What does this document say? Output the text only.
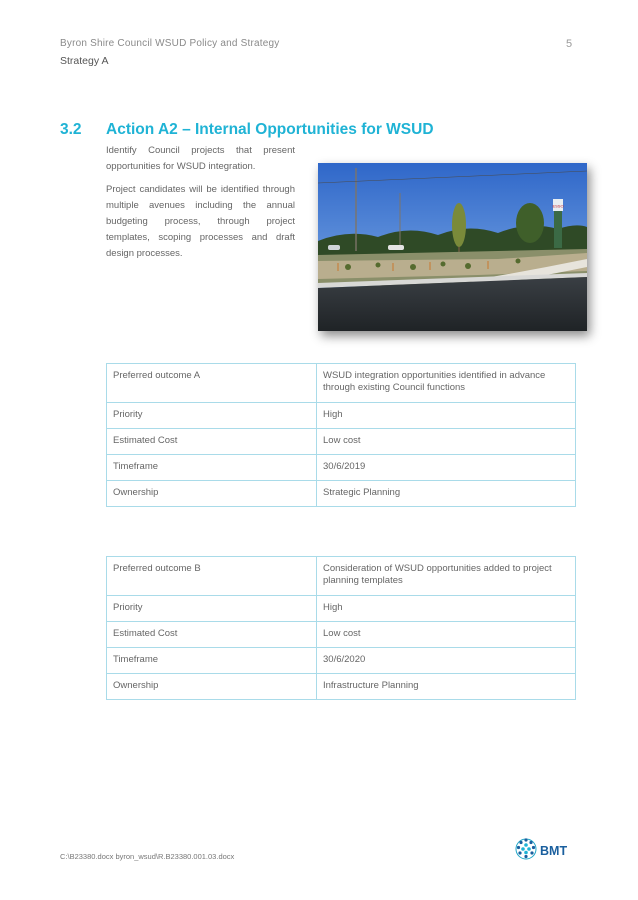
Byron Shire Council WSUD Policy and Strategy	5
Strategy A
3.2 Action A2 – Internal Opportunities for WSUD

Identify Council projects that present opportunities for WSUD integration.

Project candidates will be identified through multiple avenues including the annual budgeting process, through project templates, scoping processes and draft design processes.

ESSO
Preferred outcome A	WSUD integration opportunities identified in advance through existing Council functions
Priority	High
Estimated Cost	Low cost
Timeframe	30/6/2019
Ownership	Strategic Planning
Preferred outcome B	Consideration of WSUD opportunities added to project planning templates
Priority	High
Estimated Cost	Low cost
Timeframe	30/6/2020
Ownership	Infrastructure Planning
C:\B23380.docx byron_wsud\R.B23380.001.03.docx	BMT
